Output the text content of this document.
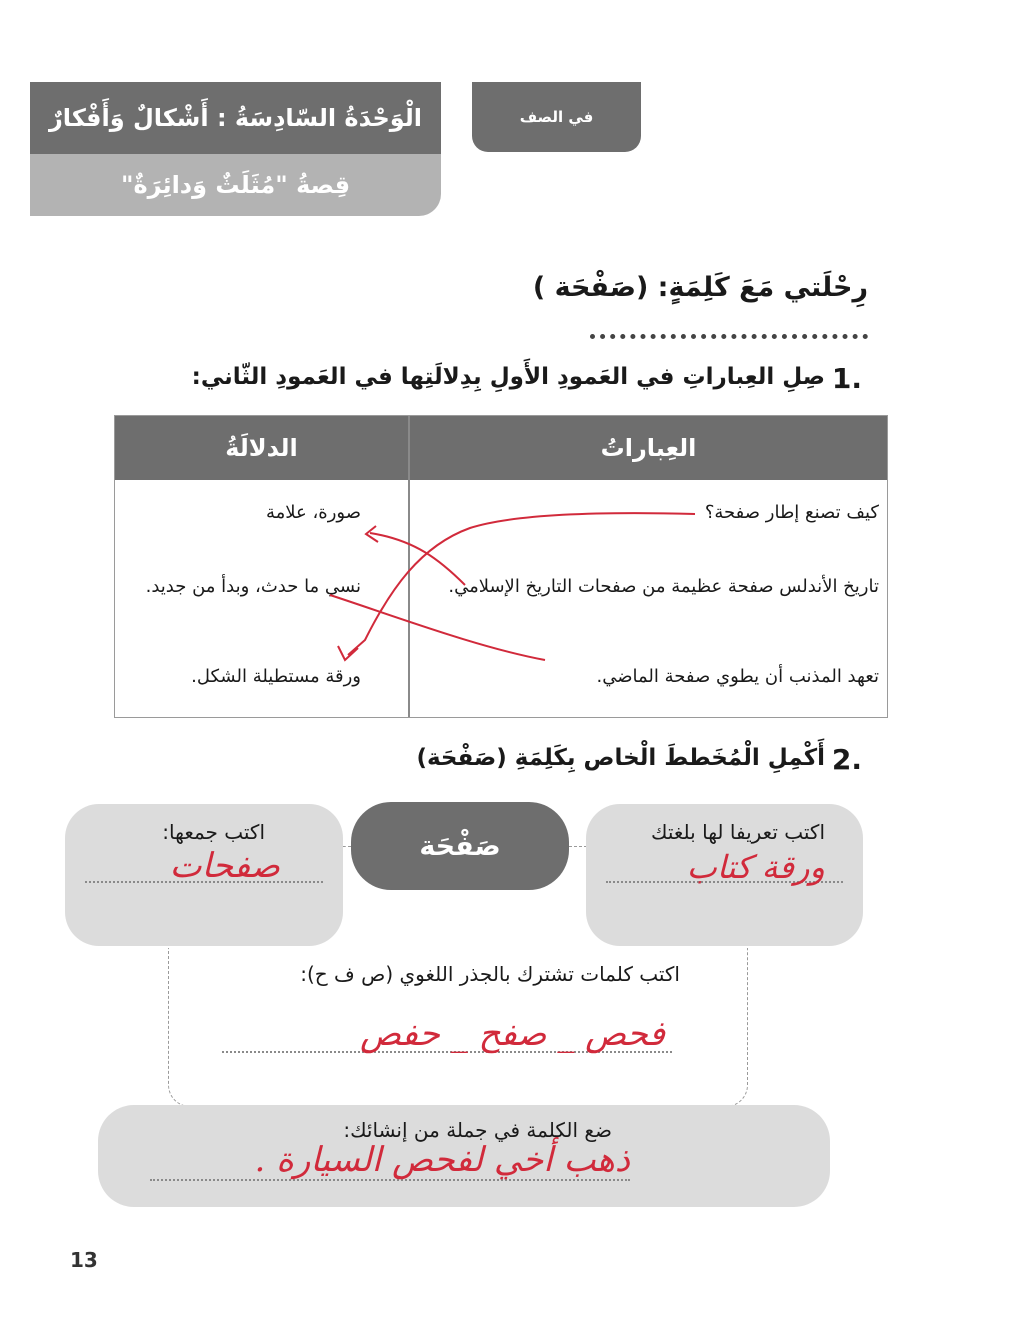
الْوَحْدَةُ السّادِسَةُ : أَشْكالٌ وَأَفْكارٌ
قِصةُ "مُثَلَثٌ وَدائِرَةٌ"
في الصف
رِحْلَتي مَعَ كَلِمَةٍ: (صَفْحَة )
1.
صِلِ العِباراتِ في العَمودِ الأَولِ بِدِلالَتِها في العَمودِ الثّاني:
العِباراتُ
الدلالَةُ
كيف تصنع إطار صفحة؟
تاريخ الأندلس صفحة عظيمة من صفحات التاريخ الإسلامي.
تعهد المذنب أن يطوي صفحة الماضي.
صورة، علامة
نسي ما حدث، وبدأ من جديد.
ورقة مستطيلة الشكل.
2.
أَكْمِلِ الْمُخَططَ الْخاص بِكَلِمَةِ (صَفْحَة)
اكتب جمعها:
صفحات	صَفْحَة	اكتب تعريفا لها بلغتك
ورقة كتاب
اكتب كلمات تشترك بالجذر اللغوي (ص ف ح):
فحص _ صفح _ حفص
ضع الكلمة في جملة من إنشائك:
ذهب أخي لفحص السيارة .
13
